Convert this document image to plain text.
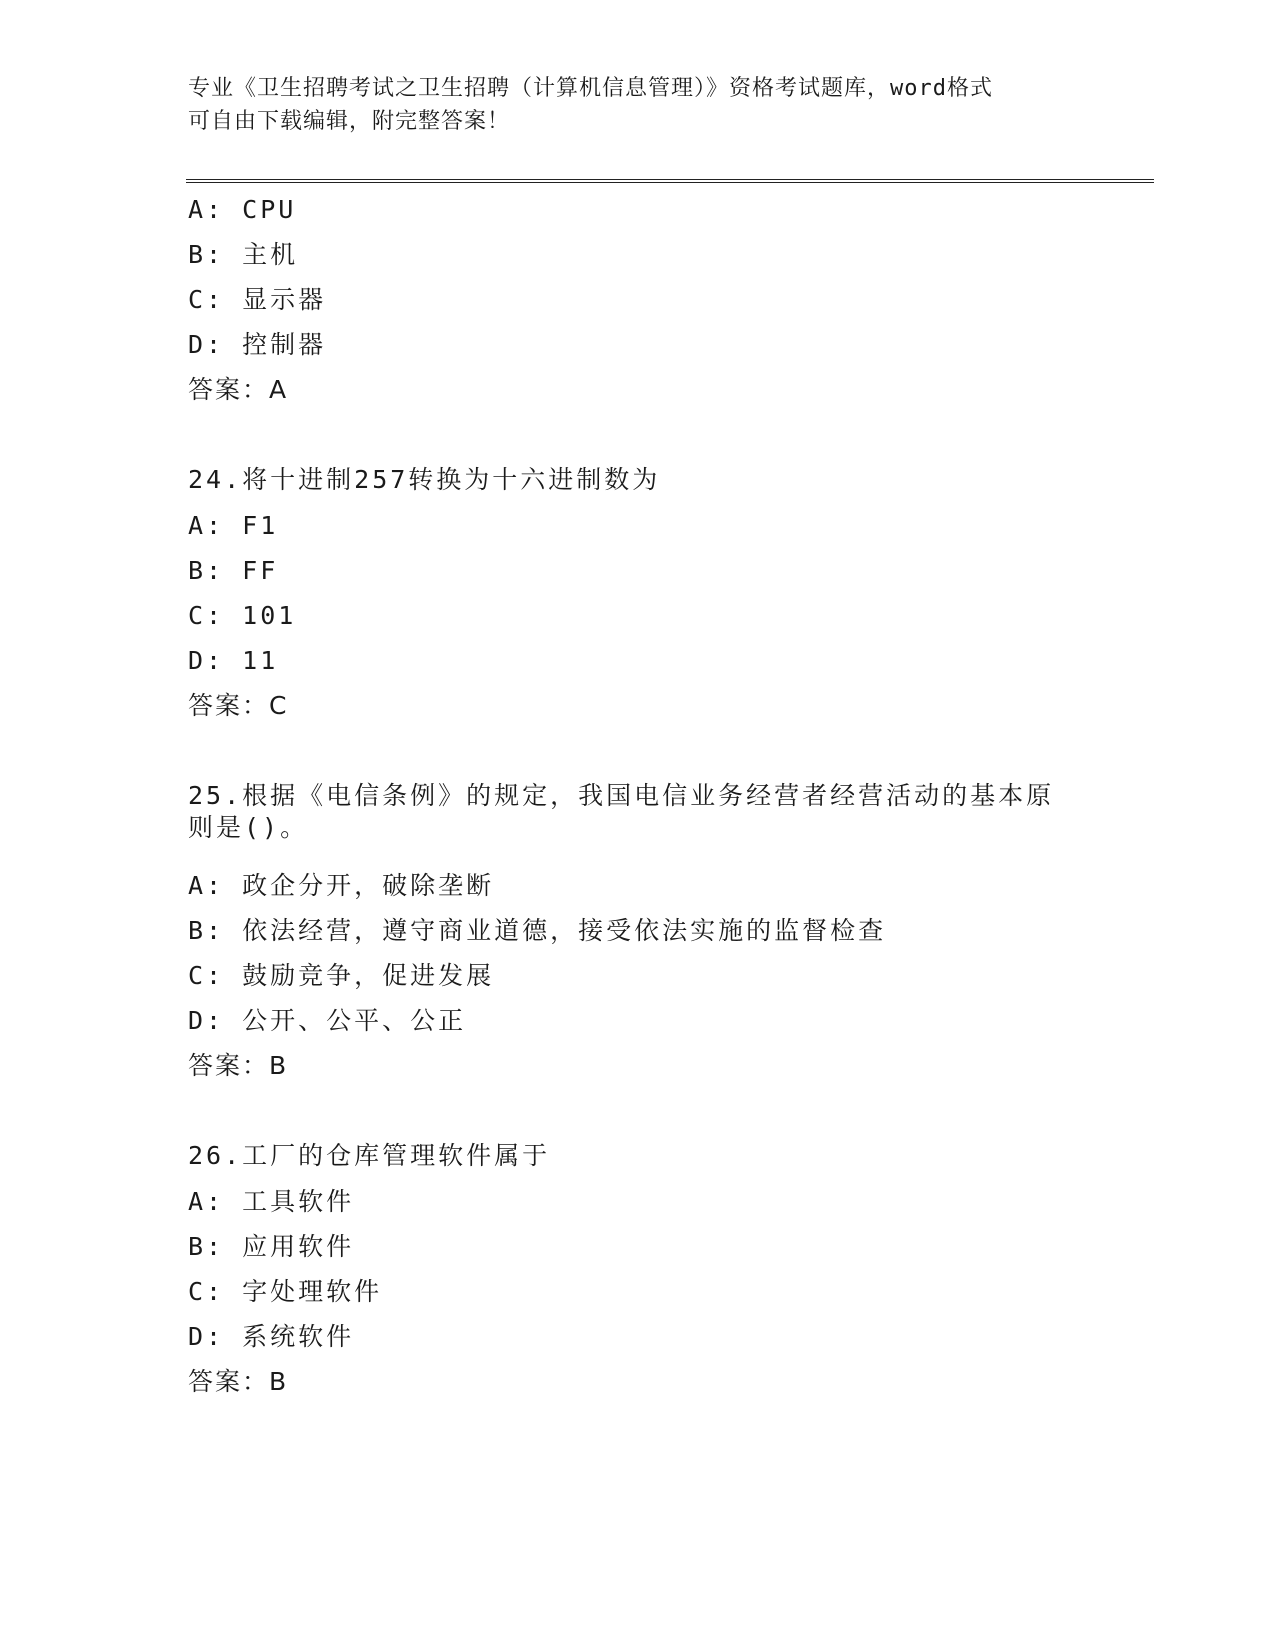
专业《卫生招聘考试之卫生招聘（计算机信息管理）》资格考试题库，word格式
可自由下载编辑，附完整答案！
A: CPU
B: 主机
C: 显示器
D: 控制器
答案：A
24.将十进制257转换为十六进制数为
A: F1
B: FF
C: 101
D: 11
答案：C
25.根据《电信条例》的规定，我国电信业务经营者经营活动的基本原
则是()。
A: 政企分开，破除垄断
B: 依法经营，遵守商业道德，接受依法实施的监督检查
C: 鼓励竞争，促进发展
D: 公开、公平、公正
答案：B
26.工厂的仓库管理软件属于
A: 工具软件
B: 应用软件
C: 字处理软件
D: 系统软件
答案：B
